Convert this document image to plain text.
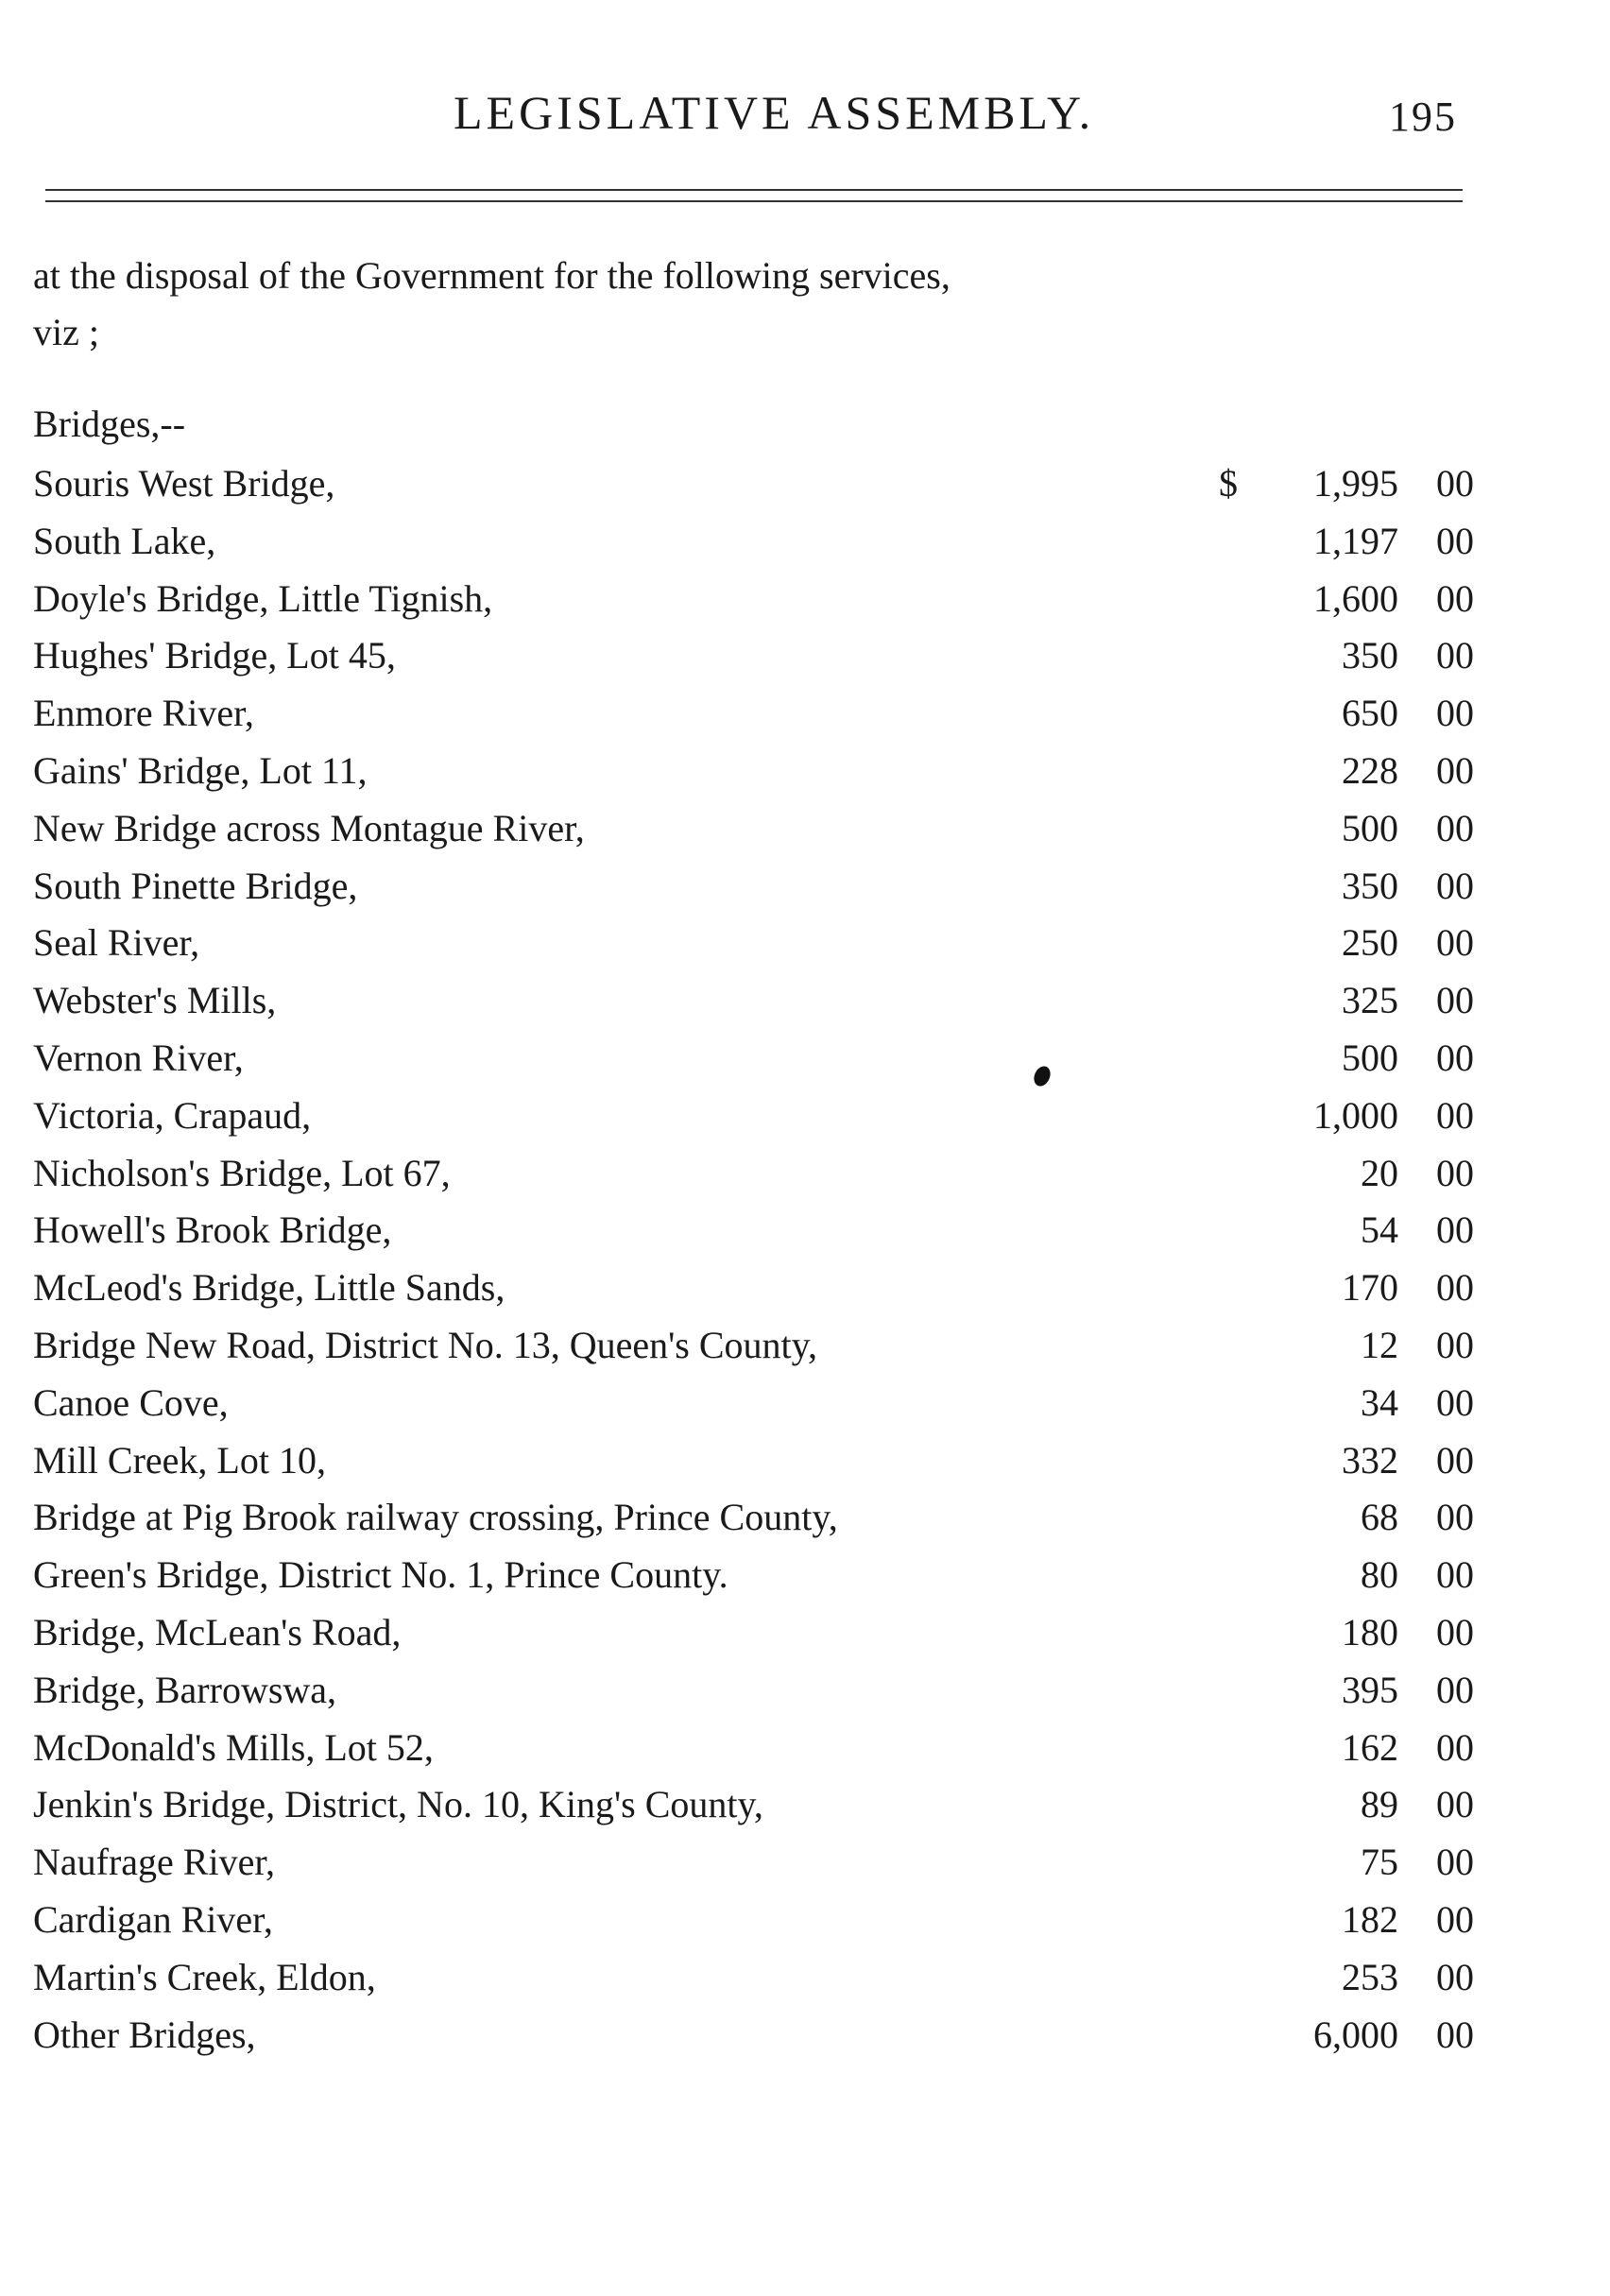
LEGISLATIVE ASSEMBLY.	195

at the disposal of the Government for the following services,

viz ;

Bridges,--
Souris West Bridge,	$ 1,995	00
South Lake,	1,197	00
Doyle's Bridge, Little Tignish,	1,600	00
Hughes' Bridge, Lot 45,	350	00
Enmore River,	650	00
Gains' Bridge, Lot 11,	228	00
New Bridge across Montague River,	500	00
South Pinette Bridge,	350	00
Seal River,	250	00
Webster's Mills,	325	00
Vernon River,	500	00
Victoria, Crapaud,	1,000	00
Nicholson's Bridge, Lot 67,	20	00
Howell's Brook Bridge,	54	00
McLeod's Bridge, Little Sands,	170	00
Bridge New Road, District No. 13, Queen's County,	12	00
Canoe Cove,	34	00
Mill Creek, Lot 10,	332	00
Bridge at Pig Brook railway crossing, Prince County,	68	00
Green's Bridge, District No. 1, Prince County.	80	00
Bridge, McLean's Road,	180	00
Bridge, Barrowswa,	395	00
McDonald's Mills, Lot 52,	162	00
Jenkin's Bridge, District, No. 10, King's County,	89	00
Naufrage River,	75	00
Cardigan River,	182	00
Martin's Creek, Eldon,	253	00
Other Bridges,	6,000	00
